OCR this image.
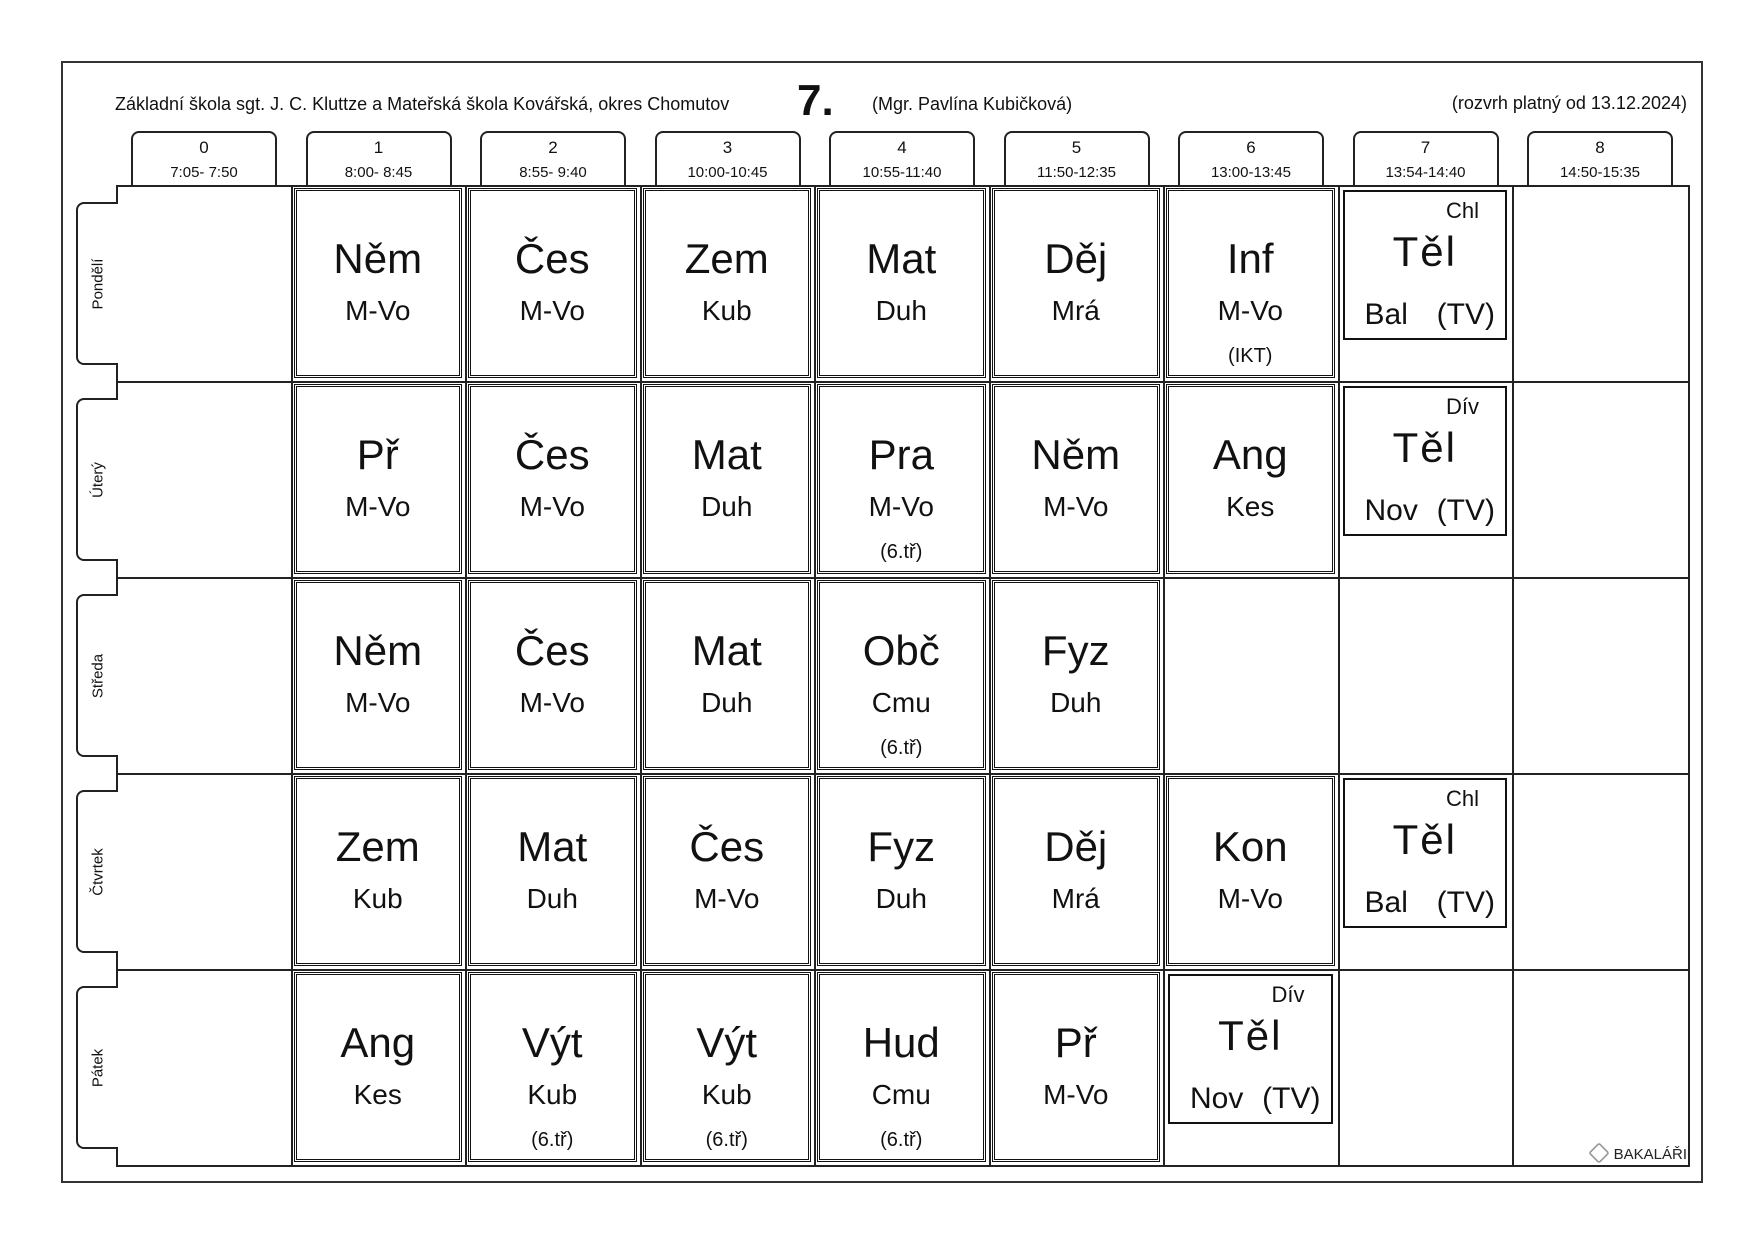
Základní škola sgt. J. C. Kluttze a Mateřská škola Kovářská, okres Chomutov 7. (Mgr. Pavlína Kubičková)	(rozvrh platný od 13.12.2024)
0
7:05- 7:50
1
8:00- 8:45
2
8:55- 9:40
3
10:00-10:45
4
10:55-11:40
5
11:50-12:35
6
13:00-13:45
7
13:54-14:40
8
14:50-15:35
Pondělí
Úterý
Středa
Čtvrtek
Pátek
Něm
M-Vo
Čes
M-Vo
Zem
Kub
Mat
Duh
Děj
Mrá
Inf
M-Vo
(IKT)
Př
M-Vo
Čes
M-Vo
Mat
Duh
Pra
M-Vo
(6.tř)
Něm
M-Vo
Ang
Kes
Něm
M-Vo
Čes
M-Vo
Mat
Duh
Obč
Cmu
(6.tř)
Fyz
Duh
Zem
Kub
Mat
Duh
Čes
M-Vo
Fyz
Duh
Děj
Mrá
Kon
M-Vo
Ang
Kes
Výt
Kub
(6.tř)
Výt
Kub
(6.tř)
Hud
Cmu
(6.tř)
Př
M-Vo
Chl
Těl
Bal (TV)
Dív
Těl
Nov (TV)
Chl
Těl
Bal (TV)
Dív
Těl
Nov (TV)
BAKALÁŘI
